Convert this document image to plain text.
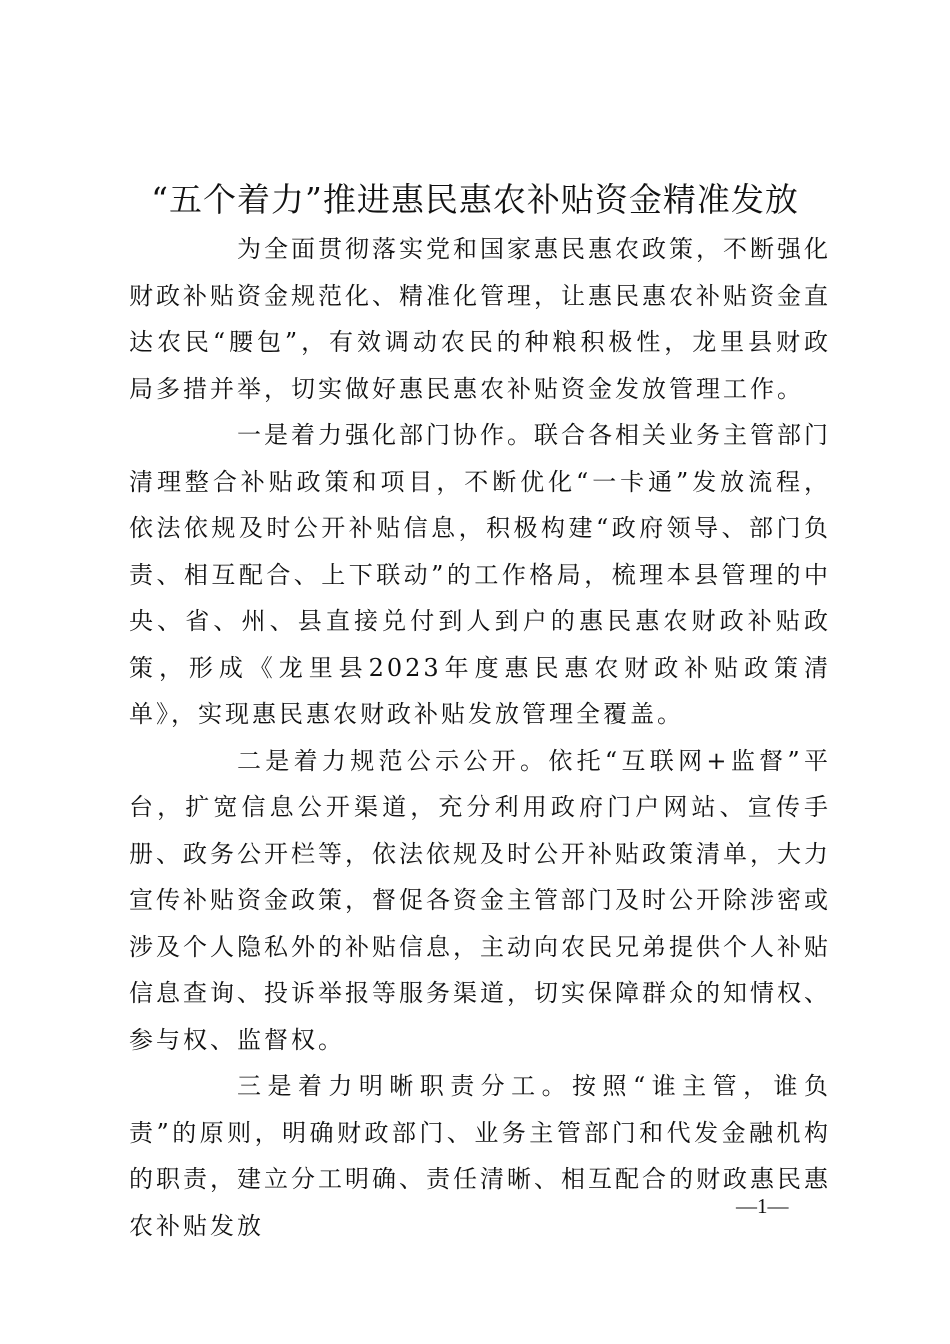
“五个着力”推进惠民惠农补贴资金精准发放

为全面贯彻落实党和国家惠民惠农政策，不断强化财政补贴资金规范化、精准化管理，让惠民惠农补贴资金直达农民“腰包”，有效调动农民的种粮积极性，龙里县财政局多措并举，切实做好惠民惠农补贴资金发放管理工作。

一是着力强化部门协作。联合各相关业务主管部门清理整合补贴政策和项目，不断优化“一卡通”发放流程，依法依规及时公开补贴信息，积极构建“政府领导、部门负责、相互配合、上下联动”的工作格局，梳理本县管理的中央、省、州、县直接兑付到人到户的惠民惠农财政补贴政策，形成《龙里县2023年度惠民惠农财政补贴政策清单》，实现惠民惠农财政补贴发放管理全覆盖。

二是着力规范公示公开。依托“互联网+监督”平台，扩宽信息公开渠道，充分利用政府门户网站、宣传手册、政务公开栏等，依法依规及时公开补贴政策清单，大力宣传补贴资金政策，督促各资金主管部门及时公开除涉密或涉及个人隐私外的补贴信息，主动向农民兄弟提供个人补贴信息查询、投诉举报等服务渠道，切实保障群众的知情权、参与权、监督权。

三是着力明晰职责分工。按照“谁主管，谁负责”的原则，明确财政部门、业务主管部门和代发金融机构的职责，建立分工明确、责任清晰、相互配合的财政惠民惠农补贴发放

—1—
